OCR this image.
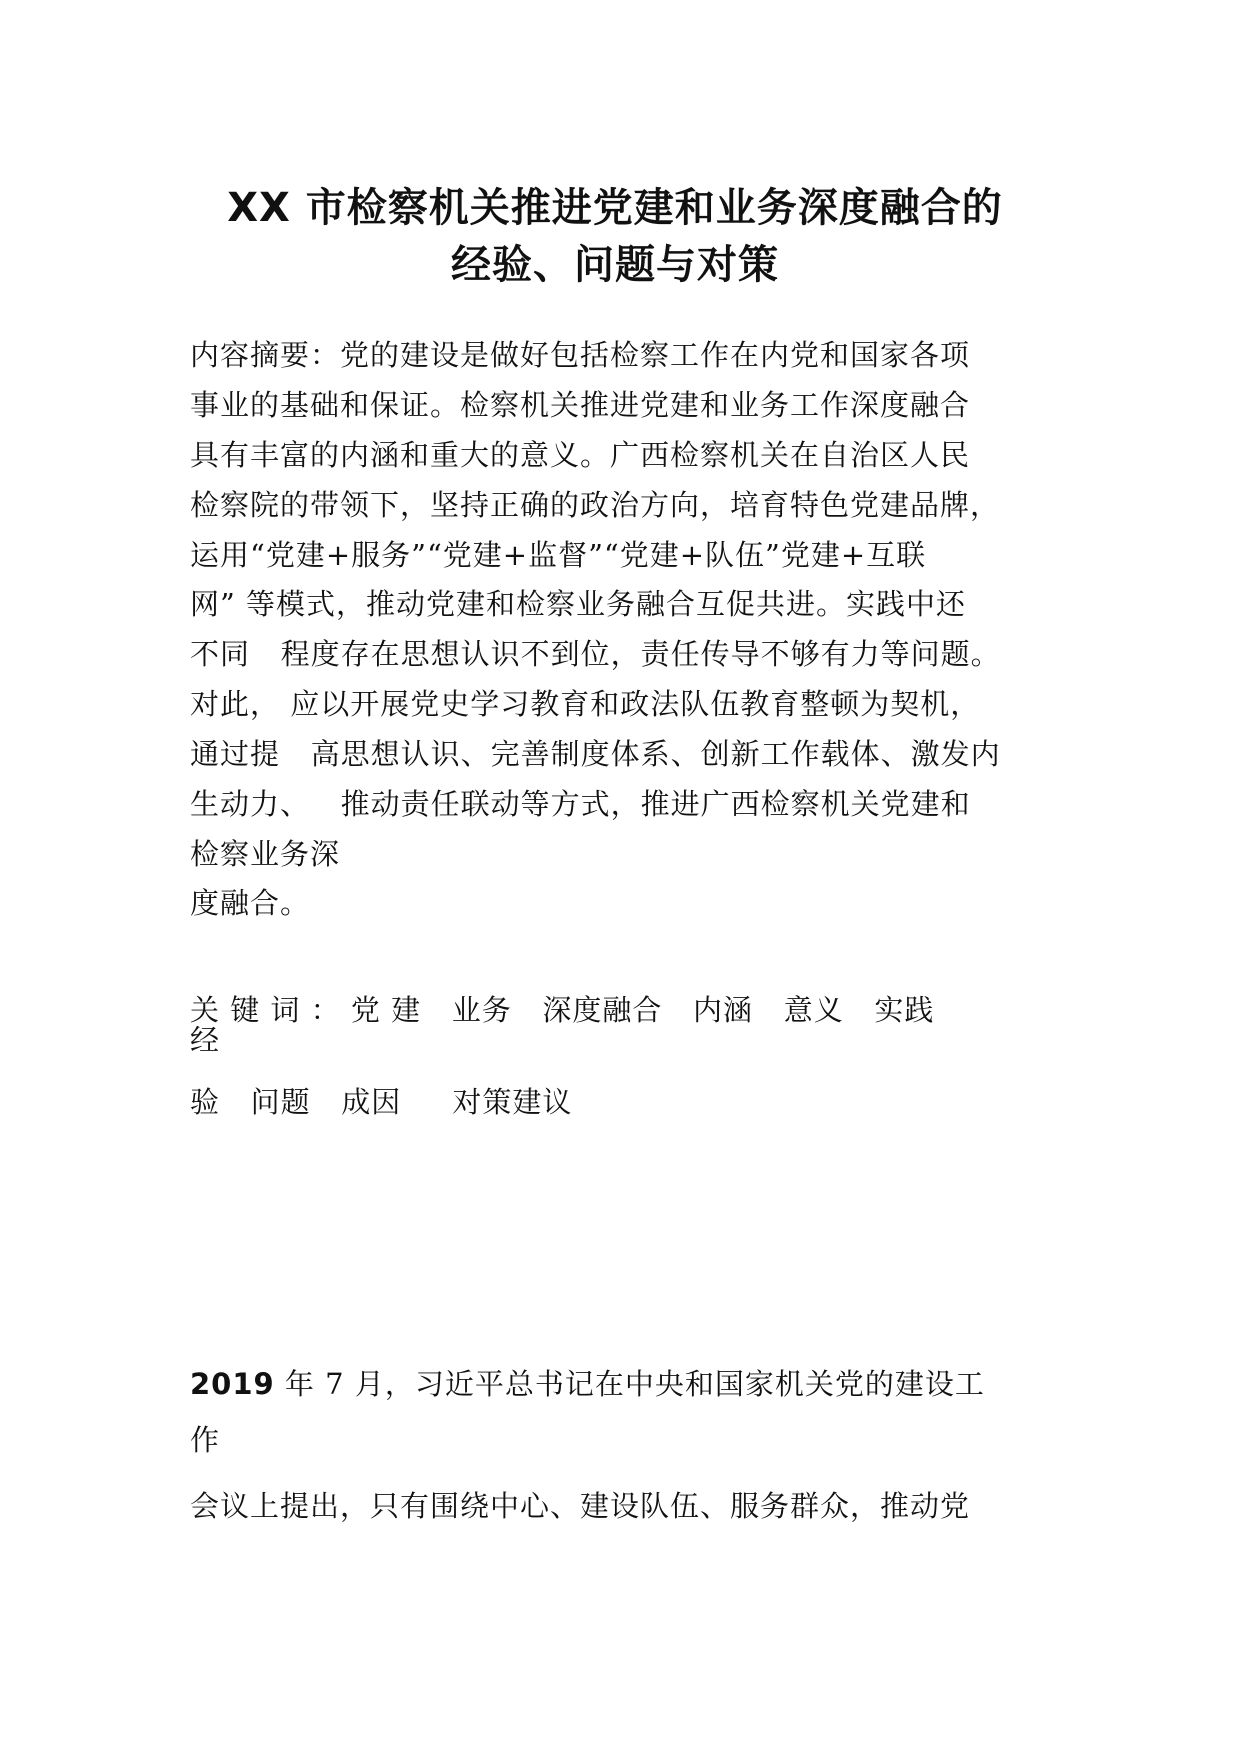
XX 市检察机关推进党建和业务深度融合的
经验、问题与对策
内容摘要：党的建设是做好包括检察工作在内党和国家各项
事业的基础和保证。检察机关推进党建和业务工作深度融合
具有丰富的内涵和重大的意义。广西检察机关在自治区人民
检察院的带领下，坚持正确的政治方向，培育特色党建品牌，
运用“党建+服务”“党建+监督”“党建+队伍”党建+互联
网” 等模式，推动党建和检察业务融合互促共进。实践中还
不同   程度存在思想认识不到位，责任传导不够有力等问题。
对此， 应以开展党史学习教育和政法队伍教育整顿为契机，
通过提   高思想认识、完善制度体系、创新工作载体、激发内
生动力、   推动责任联动等方式，推进广西检察机关党建和
检察业务深
度融合。
关 键 词 ： 党 建   业务   深度融合   内涵   意义   实践
经
验   问题   成因     对策建议
2019 年 7 月，习近平总书记在中央和国家机关党的建设工
作
会议上提出，只有围绕中心、建设队伍、服务群众，推动党
